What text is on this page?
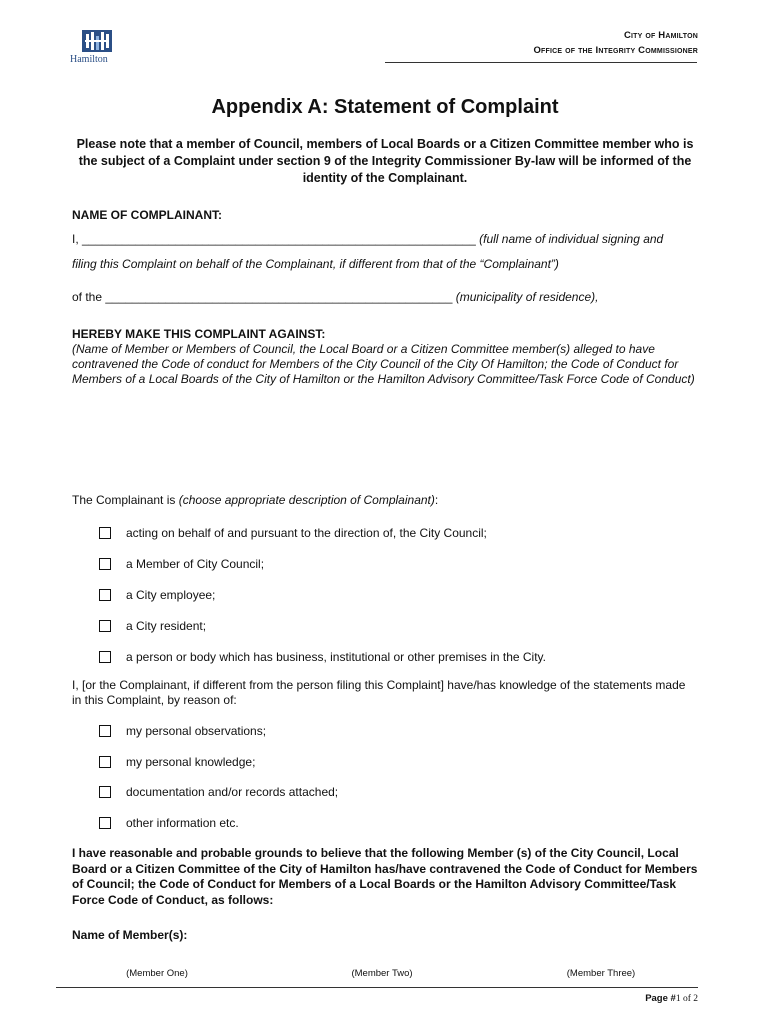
Hamilton
City of Hamilton
Office of the Integrity Commissioner
Appendix A: Statement of Complaint
Please note that a member of Council, members of Local Boards or a Citizen Committee member who is the subject of a Complaint under section 9 of the Integrity Commissioner By-law will be informed of the identity of the Complainant.
NAME OF COMPLAINANT:
I, ___________________________________________________________ (full name of individual signing and
filing this Complaint on behalf of the Complainant, if different from that of the “Complainant”)
of the ____________________________________________________ (municipality of residence),
HEREBY MAKE THIS COMPLAINT AGAINST:
(Name of Member or Members of Council, the Local Board or a Citizen Committee member(s) alleged to have contravened the Code of conduct for Members of the City Council of the City Of Hamilton; the Code of Conduct for Members of a Local Boards of the City of Hamilton or the Hamilton Advisory Committee/Task Force Code of Conduct)
The Complainant is (choose appropriate description of Complainant):
acting on behalf of and pursuant to the direction of, the City Council;
a Member of City Council;
a City employee;
a City resident;
a person or body which has business, institutional or other premises in the City.
I, [or the Complainant, if different from the person filing this Complaint] have/has knowledge of the statements made in this Complaint, by reason of:
my personal observations;
my personal knowledge;
documentation and/or records attached;
other information etc.
I have reasonable and probable grounds to believe that the following Member (s) of the City Council, Local Board or a Citizen Committee of the City of Hamilton has/have contravened the Code of Conduct for Members of Council; the Code of Conduct for Members of a Local Boards or the Hamilton Advisory Committee/Task Force Code of Conduct, as follows:
Name of Member(s):
(Member One)	(Member Two)	(Member Three)
Page #1 of 2
